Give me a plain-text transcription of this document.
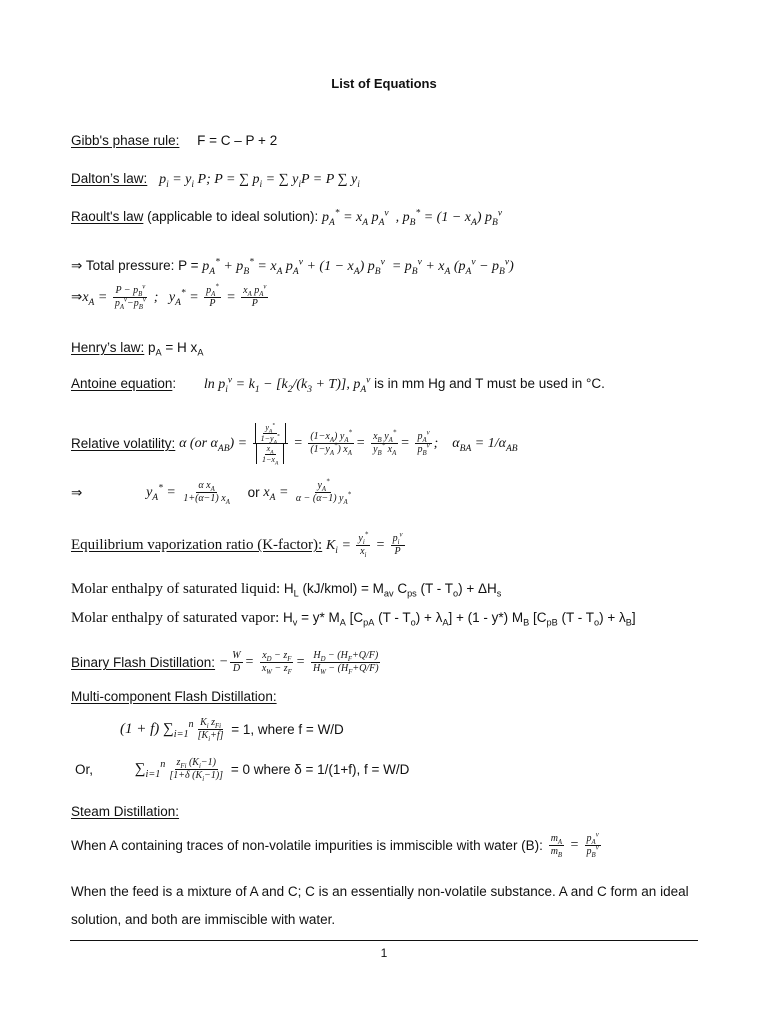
List of Equations
Gibb's phase rule: F = C – P + 2
Dalton’s law: $p_i = y_i$ P; P = ∑ $p_i$ = ∑ $y_iP = P$ ∑ $y_i$
Raoult's law (applicable to ideal solution): $p_A^* = x_A$ $p_A^v$  , $p_B^* = (1 - x_A)$ $p_B^v$
⇒ Total pressure: $P = p_A^* + p_B^* = x_A$ $p_A^v + (1 - x_A) p_B^v = p_B^v + x_A$ $(p_A^v - p_B^v)$
$\Rightarrow x_A = P - p_B^v$
$p_A^v-p_B^v$ ;   $y_A^* = \frac{p_A^*}{P} = x_A$ $p_A^v$
P
Henry’s law: $p_A = H$ $x_A$
Antoine equation: $\ln p_i^v = k_1 - [k_2/(k_3 + T)]$, $p_A^v$ is in mm Hg and T must be used in °C.
Relative volatility: α (or $\alpha_{AB}) = \frac{\frac{y_A^*}{1-y_A^*}}{\frac{x_A}{1-x_A}} = \frac{(1-x_A) y_A^*}{(1-y_A^*) x_A} = \frac{x_B y_A^*}{y_B^* x_A} = p_A^v$
$p_B^v$ ;    $\alpha_{BA} = 1/\alpha_{AB}$
⇒	$y_A^* = \frac{\alpha x_A}{1+(\alpha-1) x_A}$ or $x_A = \frac{y_A^*}{\alpha - (\alpha-1) y_A^*}$
Equilibrium vaporization ratio (K-factor): $K_i = \frac{y_i^*}{x_i} = p_i^v$
P
Molar enthalpy of saturated liquid: $H_L$ (kJ/kmol) = $M_{av}$ $C_{ps}$ $(T - T_o) + \Delta H_s$
Molar enthalpy of saturated vapor: $H_v = y*$ $M_A$ [$C_{pA}$ $(T - T_o) + \lambda_A] + (1 - y*)$ $M_B$ [$C_{pB}$ $(T - T_o) + \lambda_B$]
Binary Flash Distillation: − $\frac{W}{D} = \frac{x_D - z_F}{x_W - z_F} = \frac{H_D - (H_F+Q/F)}{H_W - (H_F+Q/F)}$
Multi-component Flash Distillation:
(1 + f) $\sum_{i=1}^n$ $K_i$ $z_{Fi}$
$[K_i+f] = 1$, where f = W/D
Or,	$\sum_{i=1}^n$ $z_{Fi}$ $(K_i-1)$
[1+δ $(K_i-1)] = 0$ where δ = 1/(1+f), f = W/D
Steam Distillation:
When A containing traces of non-volatile impurities is immiscible with water (B): $\frac{m_A}{m_B} = p_A^v$
$p_B^v$
When the feed is a mixture of A and C; C is an essentially non-volatile substance. A and C form an ideal
solution, and both are immiscible with water.
1
